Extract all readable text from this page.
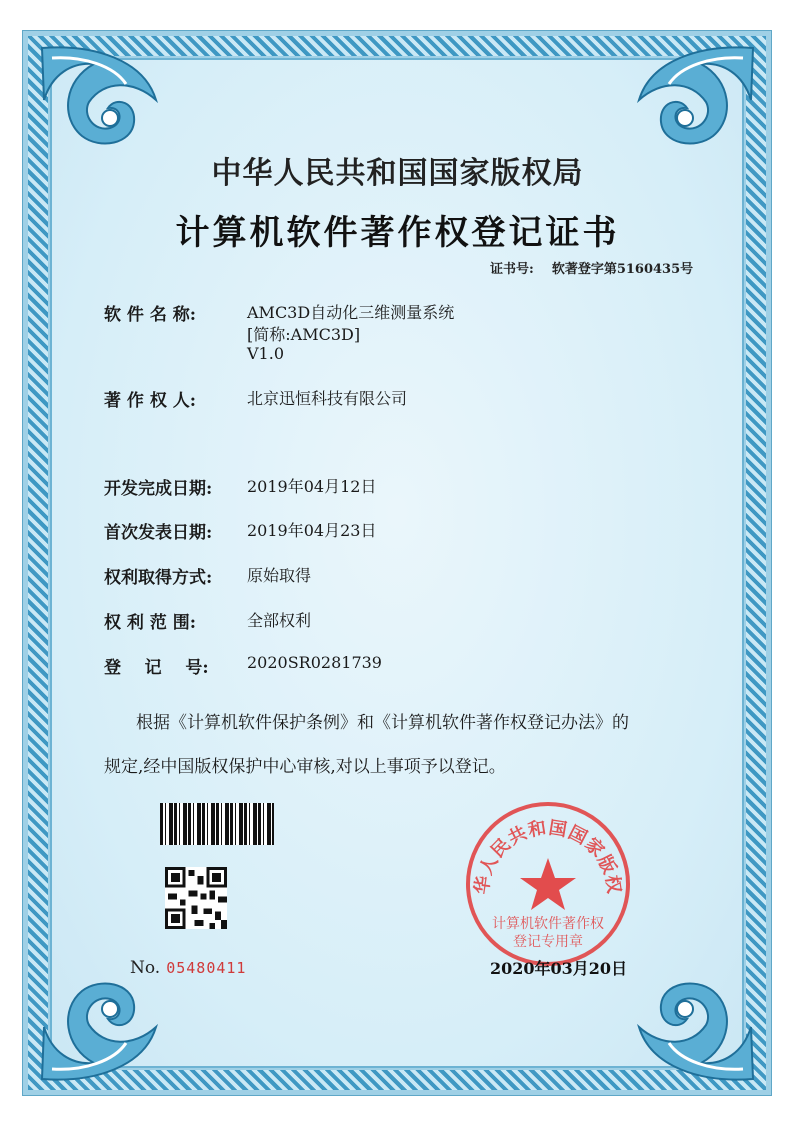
中华人民共和国国家版权局
计算机软件著作权登记证书
证书号: 软著登字第5160435号
软 件 名 称:	AMC3D自动化三维测量系统
[简称:AMC3D]
V1.0
著 作 权 人:	北京迅恒科技有限公司
开发完成日期: 2019年04月12日
首次发表日期: 2019年04月23日
权利取得方式: 原始取得
权 利 范 围:	全部权利
登    记    号: 2020SR0281739
根据《计算机软件保护条例》和《计算机软件著作权登记办法》的
规定,经中国版权保护中心审核,对以上事项予以登记。
No. 05480411
华人民共和国国家版权
计算机软件著作权
登记专用章
2020年03月20日
